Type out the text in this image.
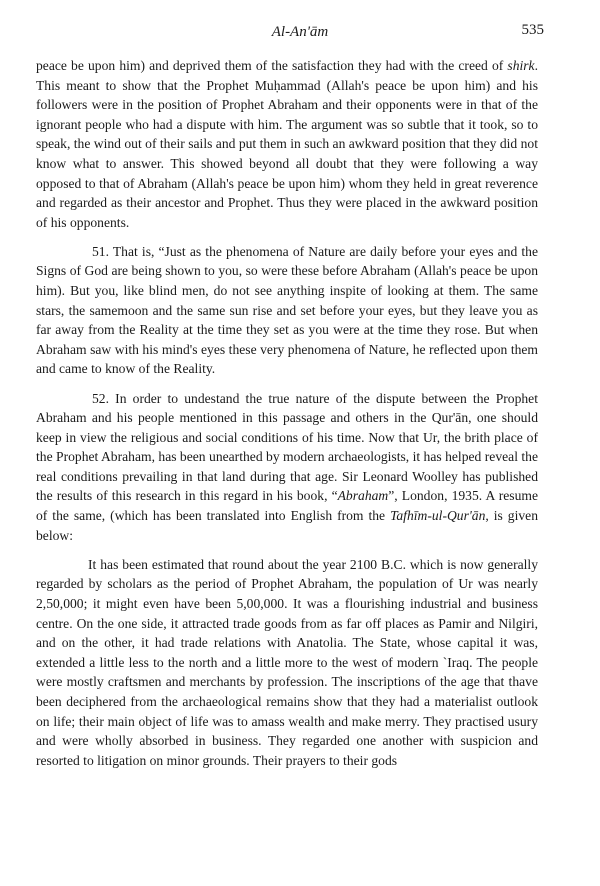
Al-An'ām	535

peace be upon him) and deprived them of the satisfaction they had with the creed of shirk. This meant to show that the Prophet Muḥammad (Allah's peace be upon him) and his followers were in the position of Prophet Abraham and their opponents were in that of the ignorant people who had a dispute with him. The argument was so subtle that it took, so to speak, the wind out of their sails and put them in such an awkward position that they did not know what to answer. This showed beyond all doubt that they were following a way opposed to that of Abraham (Allah's peace be upon him) whom they held in great reverence and regarded as their ancestor and Prophet. Thus they were placed in the awkward position of his opponents.

51. That is, “Just as the phenomena of Nature are daily before your eyes and the Signs of God are being shown to you, so were these before Abraham (Allah's peace be upon him). But you, like blind men, do not see anything inspite of looking at them. The same stars, the samemoon and the same sun rise and set before your eyes, but they leave you as far away from the Reality at the time they set as you were at the time they rose. But when Abraham saw with his mind's eyes these very phenomena of Nature, he reflected upon them and came to know of the Reality.

52. In order to undestand the true nature of the dispute between the Prophet Abraham and his people mentioned in this passage and others in the Qur'ān, one should keep in view the religious and social conditions of his time. Now that Ur, the brith place of the Prophet Abraham, has been unearthed by modern archaeologists, it has helped reveal the real conditions prevailing in that land during that age. Sir Leonard Woolley has published the results of this research in this regard in his book, “Abraham”, London, 1935. A resume of the same, (which has been translated into English from the Tafhīm-ul-Qur'ān, is given below:

It has been estimated that round about the year 2100 B.C. which is now generally regarded by scholars as the period of Prophet Abraham, the population of Ur was nearly 2,50,000; it might even have been 5,00,000. It was a flourishing industrial and business centre. On the one side, it attracted trade goods from as far off places as Pamir and Nilgiri, and on the other, it had trade relations with Anatolia. The State, whose capital it was, extended a little less to the north and a little more to the west of modern `Iraq. The people were mostly craftsmen and merchants by profession. The inscriptions of the age that thave been deciphered from the archaeological remains show that they had a materialist outlook on life; their main object of life was to amass wealth and make merry. They practised usury and were wholly absorbed in business. They regarded one another with suspicion and resorted to litigation on minor grounds. Their prayers to their gods
